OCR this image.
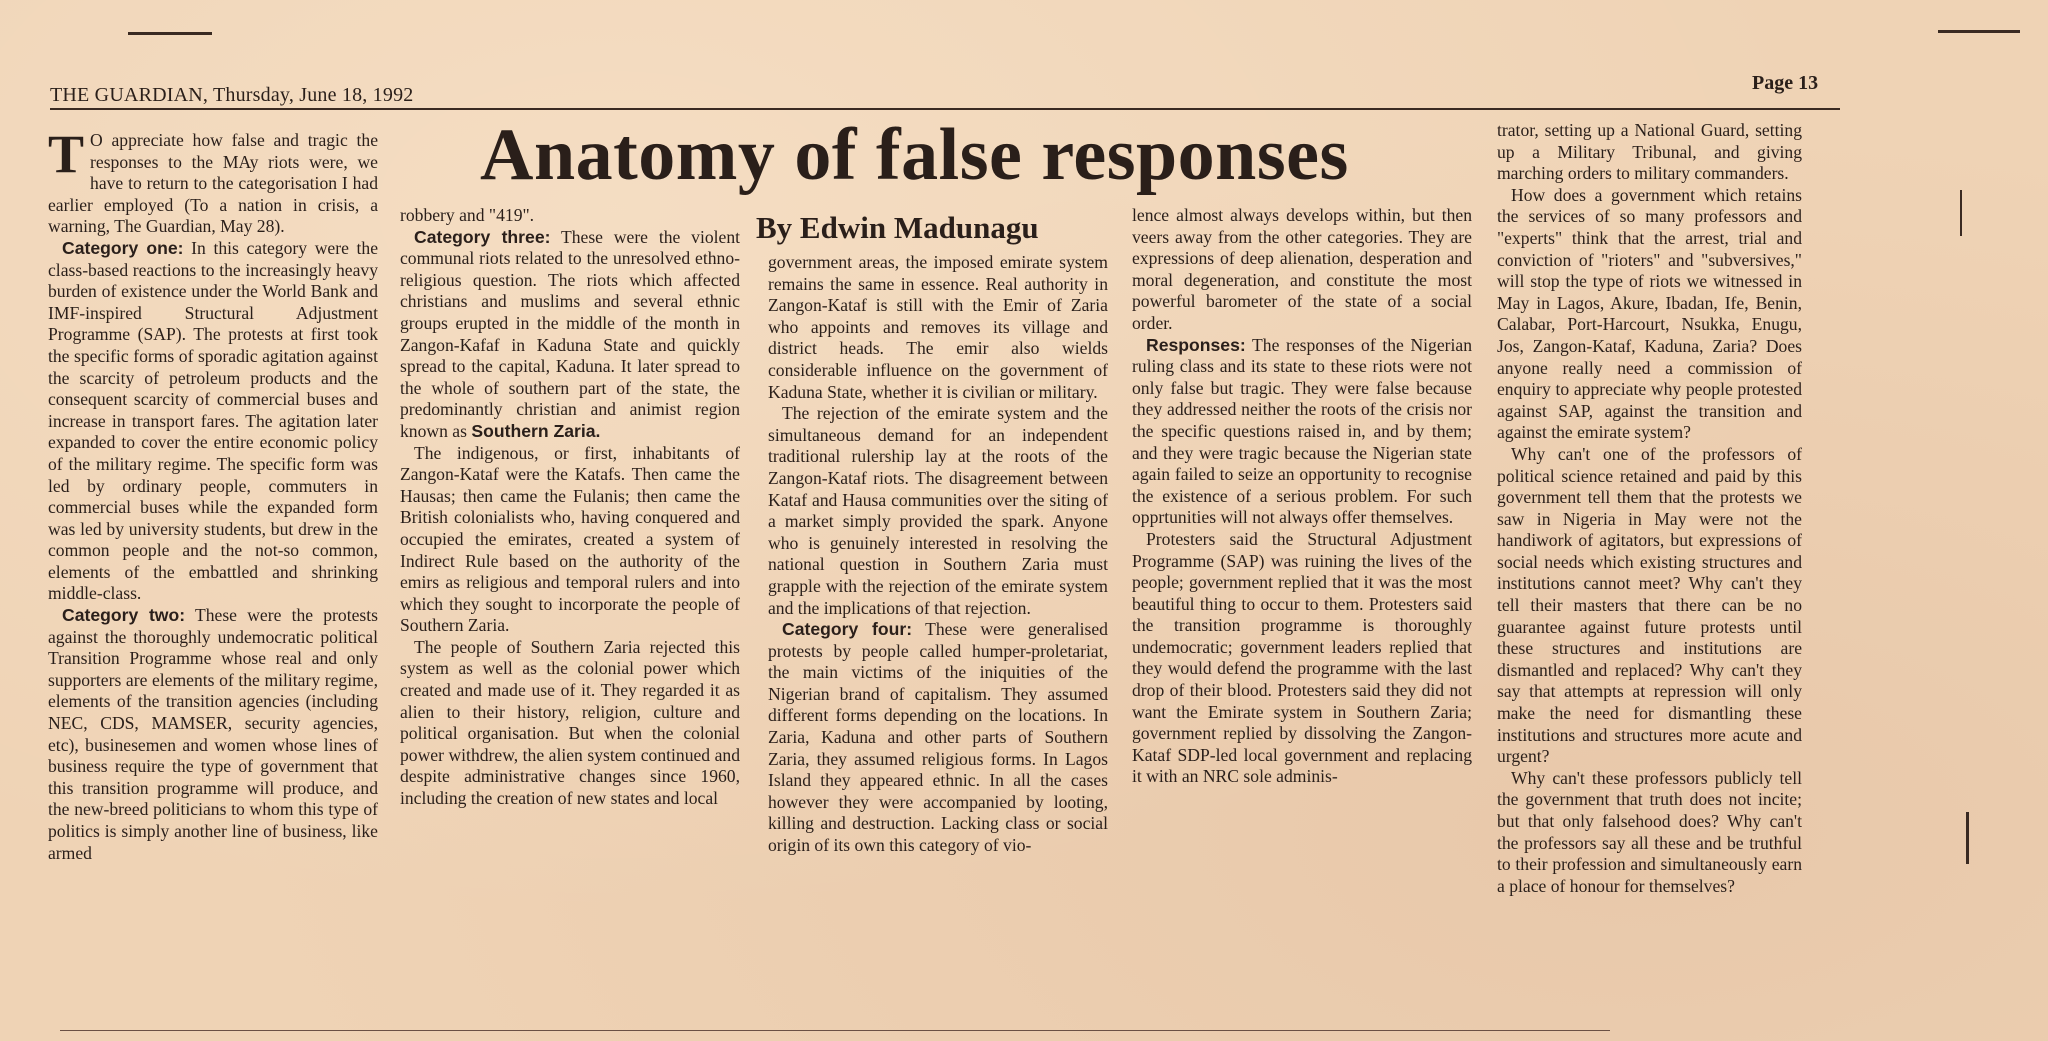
THE GUARDIAN, Thursday, June 18, 1992
Page 13
Anatomy of false responses
By Edwin Madunagu

T O appreciate how false and tragic the responses to the MAy riots were, we have to return to the categorisation I had earlier employed (To a nation in crisis, a warning, The Guardian, May 28).

Category one: In this category were the class-based reactions to the increasingly heavy burden of existence under the World Bank and IMF-inspired Structural Adjustment Programme (SAP). The protests at first took the specific forms of sporadic agitation against the scarcity of petroleum products and the consequent scarcity of commercial buses and increase in transport fares. The agitation later expanded to cover the entire economic policy of the military regime. The specific form was led by ordinary people, commuters in commercial buses while the expanded form was led by university students, but drew in the common people and the not-so common, elements of the embattled and shrinking middle-class.

Category two: These were the protests against the thoroughly undemocratic political Transition Programme whose real and only supporters are elements of the military regime, elements of the transition agencies (including NEC, CDS, MAMSER, security agencies, etc), businesemen and women whose lines of business require the type of government that this transition programme will produce, and the new-breed politicians to whom this type of politics is simply another line of business, like armed

robbery and "419".

Category three: These were the violent communal riots related to the unresolved ethno-religious question. The riots which affected christians and muslims and several ethnic groups erupted in the middle of the month in Zangon-Kafaf in Kaduna State and quickly spread to the capital, Kaduna. It later spread to the whole of southern part of the state, the predominantly christian and animist region known as Southern Zaria.

The indigenous, or first, inhabitants of Zangon-Kataf were the Katafs. Then came the Hausas; then came the Fulanis; then came the British colonialists who, having conquered and occupied the emirates, created a system of Indirect Rule based on the authority of the emirs as religious and temporal rulers and into which they sought to incorporate the people of Southern Zaria.

The people of Southern Zaria rejected this system as well as the colonial power which created and made use of it. They regarded it as alien to their history, religion, culture and political organisation. But when the colonial power withdrew, the alien system continued and despite administrative changes since 1960, including the creation of new states and local

government areas, the imposed emirate system remains the same in essence. Real authority in Zangon-Kataf is still with the Emir of Zaria who appoints and removes its village and district heads. The emir also wields considerable influence on the government of Kaduna State, whether it is civilian or military.

The rejection of the emirate system and the simultaneous demand for an independent traditional rulership lay at the roots of the Zangon-Kataf riots. The disagreement between Kataf and Hausa communities over the siting of a market simply provided the spark. Anyone who is genuinely interested in resolving the national question in Southern Zaria must grapple with the rejection of the emirate system and the implications of that rejection.

Category four: These were generalised protests by people called humper-proletariat, the main victims of the iniquities of the Nigerian brand of capitalism. They assumed different forms depending on the locations. In Zaria, Kaduna and other parts of Southern Zaria, they assumed religious forms. In Lagos Island they appeared ethnic. In all the cases however they were accompanied by looting, killing and destruction. Lacking class or social origin of its own this category of vio-

lence almost always develops within, but then veers away from the other categories. They are expressions of deep alienation, desperation and moral degeneration, and constitute the most powerful barometer of the state of a social order.

Responses: The responses of the Nigerian ruling class and its state to these riots were not only false but tragic. They were false because they addressed neither the roots of the crisis nor the specific questions raised in, and by them; and they were tragic because the Nigerian state again failed to seize an opportunity to recognise the existence of a serious problem. For such opprtunities will not always offer themselves.

Protesters said the Structural Adjustment Programme (SAP) was ruining the lives of the people; government replied that it was the most beautiful thing to occur to them. Protesters said the transition programme is thoroughly undemocratic; government leaders replied that they would defend the programme with the last drop of their blood. Protesters said they did not want the Emirate system in Southern Zaria; government replied by dissolving the Zangon-Kataf SDP-led local government and replacing it with an NRC sole adminis-

trator, setting up a National Guard, setting up a Military Tribunal, and giving marching orders to military commanders.

How does a government which retains the services of so many professors and "experts" think that the arrest, trial and conviction of "rioters" and "subversives," will stop the type of riots we witnessed in May in Lagos, Akure, Ibadan, Ife, Benin, Calabar, Port-Harcourt, Nsukka, Enugu, Jos, Zangon-Kataf, Kaduna, Zaria? Does anyone really need a commission of enquiry to appreciate why people protested against SAP, against the transition and against the emirate system?

Why can't one of the professors of political science retained and paid by this government tell them that the protests we saw in Nigeria in May were not the handiwork of agitators, but expressions of social needs which existing structures and institutions cannot meet? Why can't they tell their masters that there can be no guarantee against future protests until these structures and institutions are dismantled and replaced? Why can't they say that attempts at repression will only make the need for dismantling these institutions and structures more acute and urgent?

Why can't these professors publicly tell the government that truth does not incite; but that only falsehood does? Why can't the professors say all these and be truthful to their profession and simultaneously earn a place of honour for themselves?
